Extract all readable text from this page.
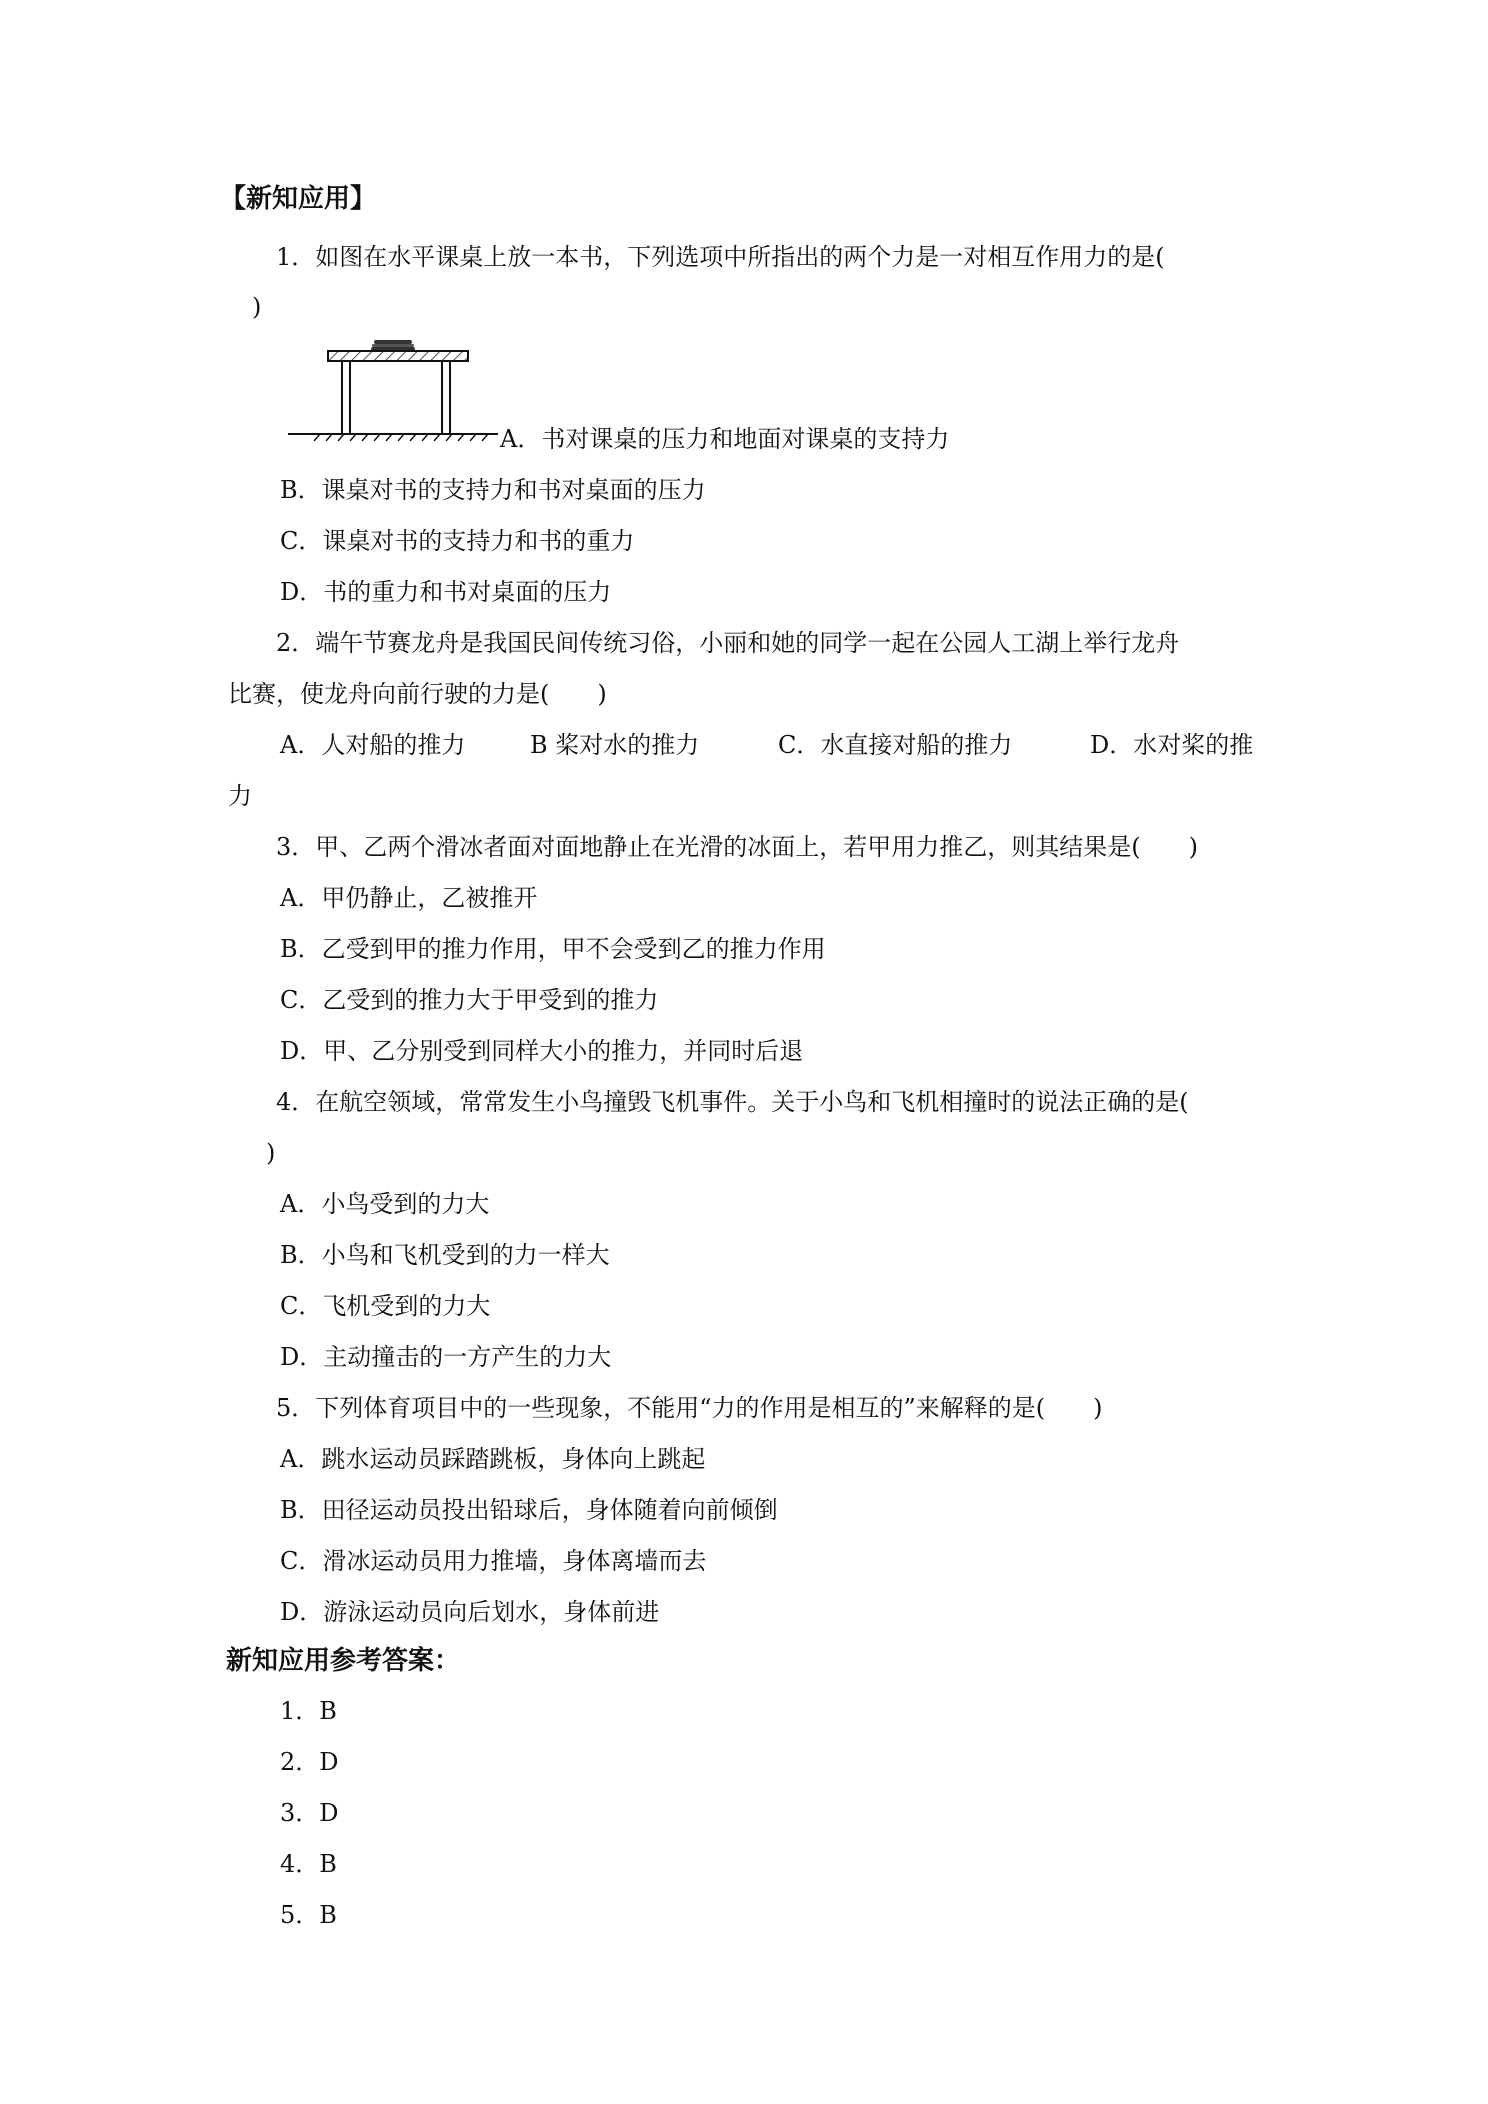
【新知应用】
1．如图在水平课桌上放一本书，下列选项中所指出的两个力是一对相互作用力的是(
)
A．书对课桌的压力和地面对课桌的支持力
B．课桌对书的支持力和书对桌面的压力
C．课桌对书的支持力和书的重力
D．书的重力和书对桌面的压力
2．端午节赛龙舟是我国民间传统习俗，小丽和她的同学一起在公园人工湖上举行龙舟
比赛，使龙舟向前行驶的力是(　　)
A．人对船的推力	B 桨对水的推力	C．水直接对船的推力	D．水对桨的推
力
3．甲、乙两个滑冰者面对面地静止在光滑的冰面上，若甲用力推乙，则其结果是(　　)
A．甲仍静止，乙被推开
B．乙受到甲的推力作用，甲不会受到乙的推力作用
C．乙受到的推力大于甲受到的推力
D．甲、乙分别受到同样大小的推力，并同时后退
4．在航空领域，常常发生小鸟撞毁飞机事件。关于小鸟和飞机相撞时的说法正确的是(
)
A．小鸟受到的力大
B．小鸟和飞机受到的力一样大
C．飞机受到的力大
D．主动撞击的一方产生的力大
5．下列体育项目中的一些现象，不能用“力的作用是相互的”来解释的是(　　)
A．跳水运动员踩踏跳板，身体向上跳起
B．田径运动员投出铅球后，身体随着向前倾倒
C．滑冰运动员用力推墙，身体离墙而去
D．游泳运动员向后划水，身体前进
新知应用参考答案：
1．B
2．D
3．D
4．B
5．B
